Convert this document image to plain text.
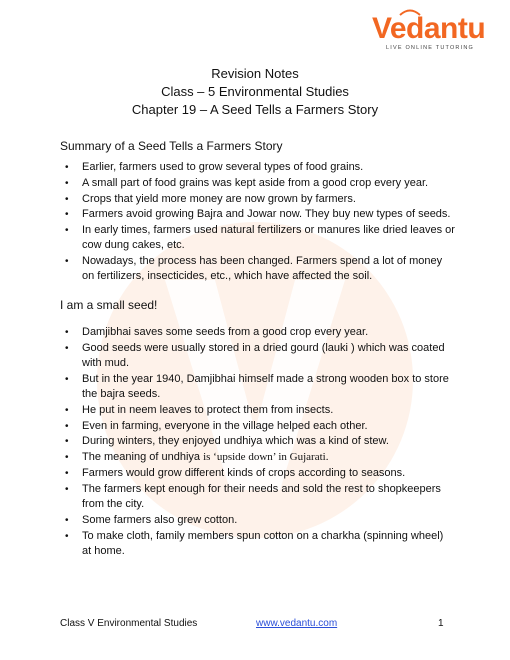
Vedantu
LIVE ONLINE TUTORING
Revision Notes
Class – 5 Environmental Studies
Chapter 19 – A Seed Tells a Farmers Story
Summary of a Seed Tells a Farmers Story
• Earlier, farmers used to grow several types of food grains.
• A small part of food grains was kept aside from a good crop every year.
• Crops that yield more money are now grown by farmers.
• Farmers avoid growing Bajra and Jowar now. They buy new types of seeds.
• In early times, farmers used natural fertilizers or manures like dried leaves or cow dung cakes, etc.
• Nowadays, the process has been changed. Farmers spend a lot of money on fertilizers, insecticides, etc., which have affected the soil.
I am a small seed!
• Damjibhai saves some seeds from a good crop every year.
• Good seeds were usually stored in a dried gourd (lauki ) which was coated with mud.
• But in the year 1940, Damjibhai himself made a strong wooden box to store the bajra seeds.
• He put in neem leaves to protect them from insects.
• Even in farming, everyone in the village helped each other.
• During winters, they enjoyed undhiya which was a kind of stew.
• The meaning of undhiya is ‘upside down’ in Gujarati.
• Farmers would grow different kinds of crops according to seasons.
• The farmers kept enough for their needs and sold the rest to shopkeepers from the city.
• Some farmers also grew cotton.
• To make cloth, family members spun cotton on a charkha (spinning wheel) at home.
Class V Environmental Studies	www.vedantu.com	1
